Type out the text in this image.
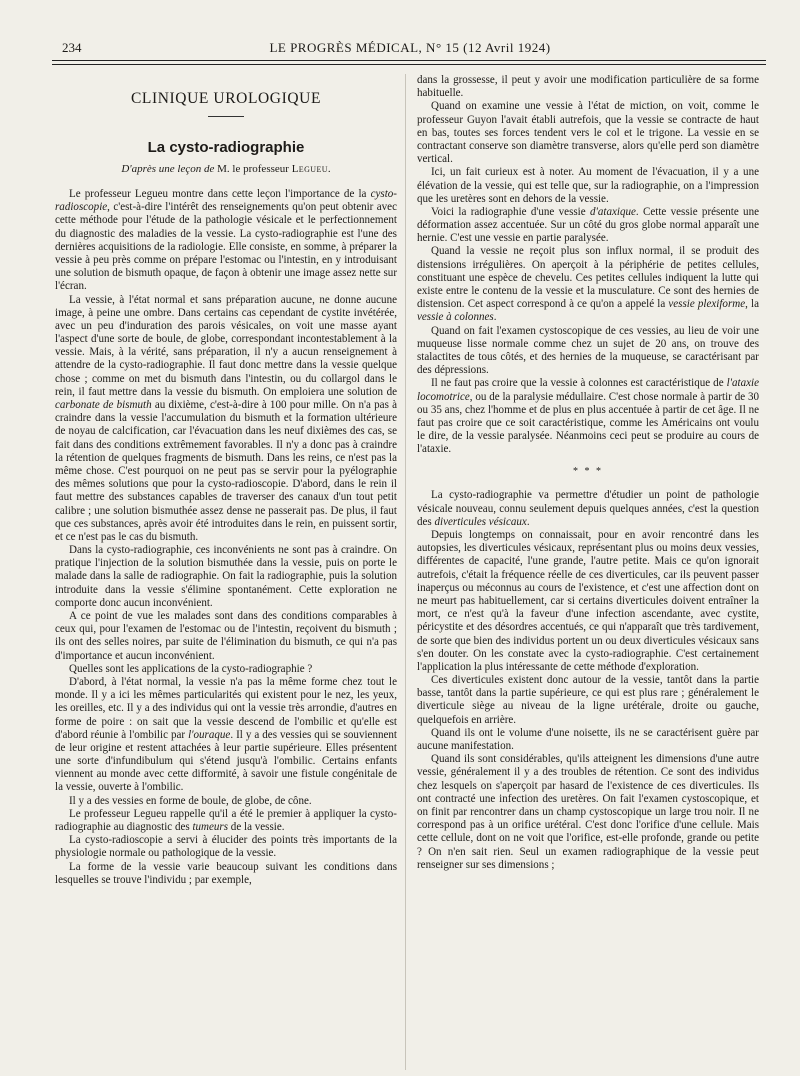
234	LE PROGRÈS MÉDICAL, N° 15 (12 Avril 1924)
CLINIQUE UROLOGIQUE
La cysto-radiographie
D'après une leçon de M. le professeur Legueu.

Le professeur Legueu montre dans cette leçon l'importance de la cysto-radioscopie, c'est-à-dire l'intérêt des renseignements qu'on peut obtenir avec cette méthode pour l'étude de la pathologie vésicale et le perfectionnement du diagnostic des maladies de la vessie. La cysto-radiographie est l'une des dernières acquisitions de la radiologie. Elle consiste, en somme, à préparer la vessie à peu près comme on prépare l'estomac ou l'intestin, en y introduisant une solution de bismuth opaque, de façon à obtenir une image assez nette sur l'écran.

La vessie, à l'état normal et sans préparation aucune, ne donne aucune image, à peine une ombre. Dans certains cas cependant de cystite invétérée, avec un peu d'induration des parois vésicales, on voit une masse ayant l'aspect d'une sorte de boule, de globe, correspondant incontestablement à la vessie. Mais, à la vérité, sans préparation, il n'y a aucun renseignement à attendre de la cysto-radiographie. Il faut donc mettre dans la vessie quelque chose ; comme on met du bismuth dans l'intestin, ou du collargol dans le rein, il faut mettre dans la vessie du bismuth. On emploiera une solution de carbonate de bismuth au dixième, c'est-à-dire à 100 pour mille. On n'a pas à craindre dans la vessie l'accumulation du bismuth et la formation ultérieure de noyau de calcification, car l'évacuation dans les neuf dixièmes des cas, se fait dans des conditions extrêmement favorables. Il n'y a donc pas à craindre la rétention de quelques fragments de bismuth. Dans les reins, ce n'est pas la même chose. C'est pourquoi on ne peut pas se servir pour la pyélographie des mêmes solutions que pour la cysto-radioscopie. D'abord, dans le rein il faut mettre des substances capables de traverser des canaux d'un tout petit calibre ; une solution bismuthée assez dense ne passerait pas. De plus, il faut que ces substances, après avoir été introduites dans le rein, en puissent sortir, et ce n'est pas le cas du bismuth.

Dans la cysto-radiographie, ces inconvénients ne sont pas à craindre. On pratique l'injection de la solution bismuthée dans la vessie, puis on porte le malade dans la salle de radiographie. On fait la radiographie, puis la solution introduite dans la vessie s'élimine spontanément. Cette exploration ne comporte donc aucun inconvénient.

A ce point de vue les malades sont dans des conditions comparables à ceux qui, pour l'examen de l'estomac ou de l'intestin, reçoivent du bismuth ; ils ont des selles noires, par suite de l'élimination du bismuth, ce qui n'a pas d'importance et aucun inconvénient.

Quelles sont les applications de la cysto-radiographie ?

D'abord, à l'état normal, la vessie n'a pas la même forme chez tout le monde. Il y a ici les mêmes particularités qui existent pour le nez, les yeux, les oreilles, etc. Il y a des individus qui ont la vessie très arrondie, d'autres en forme de poire : on sait que la vessie descend de l'ombilic et qu'elle est d'abord réunie à l'ombilic par l'ouraque. Il y a des vessies qui se souviennent de leur origine et restent attachées à leur partie supérieure. Elles présentent une sorte d'infundibulum qui s'étend jusqu'à l'ombilic. Certains enfants viennent au monde avec cette difformité, à savoir une fistule congénitale de la vessie, ouverte à l'ombilic.

Il y a des vessies en forme de boule, de globe, de cône.

Le professeur Legueu rappelle qu'il a été le premier à appliquer la cysto-radiographie au diagnostic des tumeurs de la vessie.

La cysto-radioscopie a servi à élucider des points très importants de la physiologie normale ou pathologique de la vessie.

La forme de la vessie varie beaucoup suivant les conditions dans lesquelles se trouve l'individu ; par exemple,

dans la grossesse, il peut y avoir une modification particulière de sa forme habituelle.

Quand on examine une vessie à l'état de miction, on voit, comme le professeur Guyon l'avait établi autrefois, que la vessie se contracte de haut en bas, toutes ses forces tendent vers le col et le trigone. La vessie en se contractant conserve son diamètre transverse, alors qu'elle perd son diamètre vertical.

Ici, un fait curieux est à noter. Au moment de l'évacuation, il y a une élévation de la vessie, qui est telle que, sur la radiographie, on a l'impression que les uretères sont en dehors de la vessie.

Voici la radiographie d'une vessie d'ataxique. Cette vessie présente une déformation assez accentuée. Sur un côté du gros globe normal apparaît une hernie. C'est une vessie en partie paralysée.

Quand la vessie ne reçoit plus son influx normal, il se produit des distensions irrégulières. On aperçoit à la périphérie de petites cellules, constituant une espèce de chevelu. Ces petites cellules indiquent la lutte qui existe entre le contenu de la vessie et la musculature. Ce sont des hernies de distension. Cet aspect correspond à ce qu'on a appelé la vessie plexiforme, la vessie à colonnes.

Quand on fait l'examen cystoscopique de ces vessies, au lieu de voir une muqueuse lisse normale comme chez un sujet de 20 ans, on trouve des stalactites de tous côtés, et des hernies de la muqueuse, se caractérisant par des dépressions.

Il ne faut pas croire que la vessie à colonnes est caractéristique de l'ataxie locomotrice, ou de la paralysie médullaire. C'est chose normale à partir de 30 ou 35 ans, chez l'homme et de plus en plus accentuée à partir de cet âge. Il ne faut pas croire que ce soit caractéristique, comme les Américains ont voulu le dire, de la vessie paralysée. Néanmoins ceci peut se produire au cours de l'ataxie.

* * *

La cysto-radiographie va permettre d'étudier un point de pathologie vésicale nouveau, connu seulement depuis quelques années, c'est la question des diverticules vésicaux.

Depuis longtemps on connaissait, pour en avoir rencontré dans les autopsies, les diverticules vésicaux, représentant plus ou moins deux vessies, différentes de capacité, l'une grande, l'autre petite. Mais ce qu'on ignorait autrefois, c'était la fréquence réelle de ces diverticules, car ils peuvent passer inaperçus ou méconnus au cours de l'existence, et c'est une affection dont on ne meurt pas habituellement, car si certains diverticules doivent entraîner la mort, ce n'est qu'à la faveur d'une infection ascendante, avec cystite, péricystite et des désordres accentués, ce qui n'apparaît que très tardivement, de sorte que bien des individus portent un ou deux diverticules vésicaux sans s'en douter. On les constate avec la cysto-radiographie. C'est certainement l'application la plus intéressante de cette méthode d'exploration.

Ces diverticules existent donc autour de la vessie, tantôt dans la partie basse, tantôt dans la partie supérieure, ce qui est plus rare ; généralement le diverticule siège au niveau de la ligne urétérale, droite ou gauche, quelquefois en arrière.

Quand ils ont le volume d'une noisette, ils ne se caractérisent guère par aucune manifestation.

Quand ils sont considérables, qu'ils atteignent les dimensions d'une autre vessie, généralement il y a des troubles de rétention. Ce sont des individus chez lesquels on s'aperçoit par hasard de l'existence de ces diverticules. Ils ont contracté une infection des uretères. On fait l'examen cystoscopique, et on finit par rencontrer dans un champ cystoscopique un large trou noir. Il ne correspond pas à un orifice urétéral. C'est donc l'orifice d'une cellule. Mais cette cellule, dont on ne voit que l'orifice, est-elle profonde, grande ou petite ? On n'en sait rien. Seul un examen radiographique de la vessie peut renseigner sur ses dimensions ;
